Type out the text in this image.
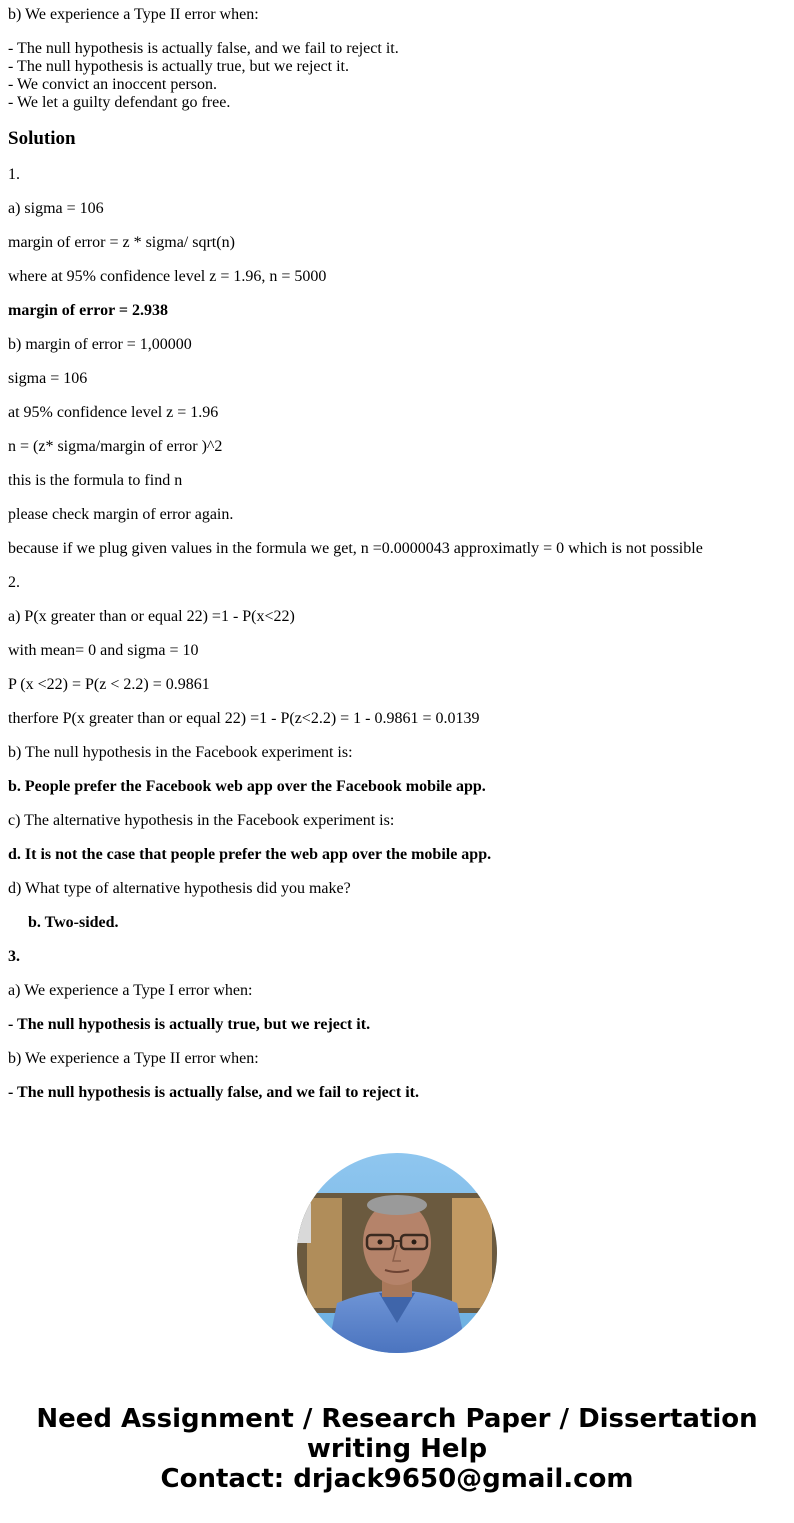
b) We experience a Type II error when:

- The null hypothesis is actually false, and we fail to reject it.
- The null hypothesis is actually true, but we reject it.
- We convict an inoccent person.
- We let a guilty defendant go free.
Solution

1.

a) sigma = 106

margin of error = z * sigma/ sqrt(n)

where at 95% confidence level z = 1.96, n = 5000

margin of error = 2.938

b) margin of error = 1,00000

sigma = 106

at 95% confidence level z = 1.96

n = (z* sigma/margin of error )^2

this is the formula to find n

please check margin of error again.

because if we plug given values in the formula we get, n =0.0000043 approximatly = 0 which is not possible

2.

a) P(x greater than or equal 22) =1 - P(x<22)

with mean= 0 and sigma = 10

P (x <22) = P(z < 2.2) = 0.9861

therfore P(x greater than or equal 22) =1 - P(z<2.2) = 1 - 0.9861 = 0.0139

b) The null hypothesis in the Facebook experiment is:

b. People prefer the Facebook web app over the Facebook mobile app.

c) The alternative hypothesis in the Facebook experiment is:

d. It is not the case that people prefer the web app over the mobile app.

d) What type of alternative hypothesis did you make?

b. Two-sided.

3.

a) We experience a Type I error when:

- The null hypothesis is actually true, but we reject it.

b) We experience a Type II error when:

- The null hypothesis is actually false, and we fail to reject it.

Need Assignment / Research Paper / Dissertation
writing Help
Contact: drjack9650@gmail.com
